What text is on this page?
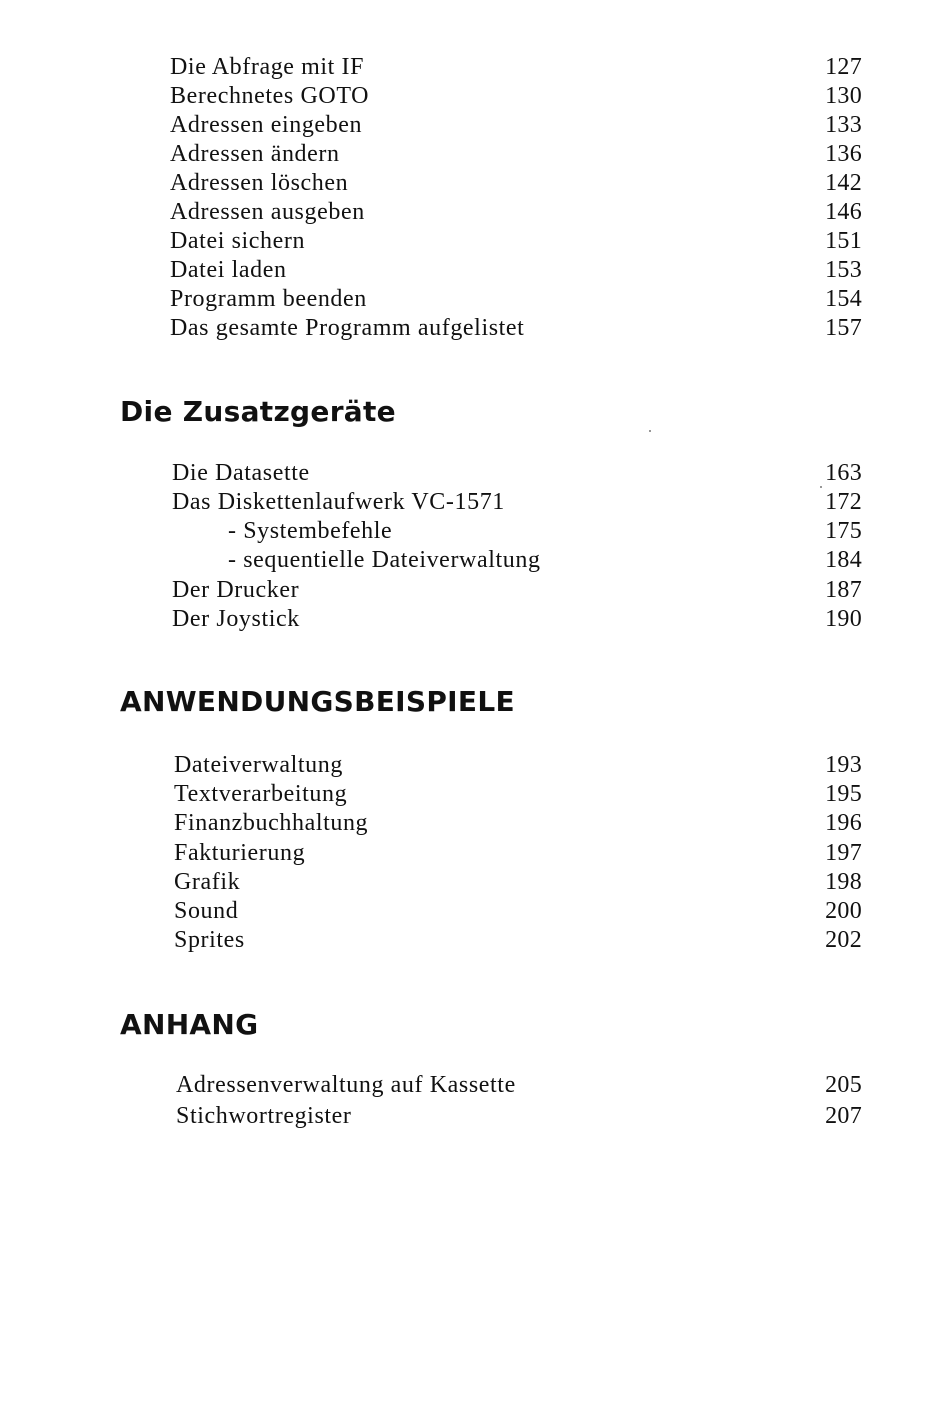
Die Abfrage mit IF	127
Berechnetes GOTO	130
Adressen eingeben	133
Adressen ändern	136
Adressen löschen	142
Adressen ausgeben	146
Datei sichern	151
Datei laden	153
Programm beenden	154
Das gesamte Programm aufgelistet	157
Die Zusatzgeräte
Die Datasette	163
Das Diskettenlaufwerk VC-1571	172
- Systembefehle	175
- sequentielle Dateiverwaltung	184
Der Drucker	187
Der Joystick	190
ANWENDUNGSBEISPIELE
Dateiverwaltung	193
Textverarbeitung	195
Finanzbuchhaltung	196
Fakturierung	197
Grafik	198
Sound	200
Sprites	202
ANHANG
Adressenverwaltung auf Kassette	205
Stichwortregister	207
